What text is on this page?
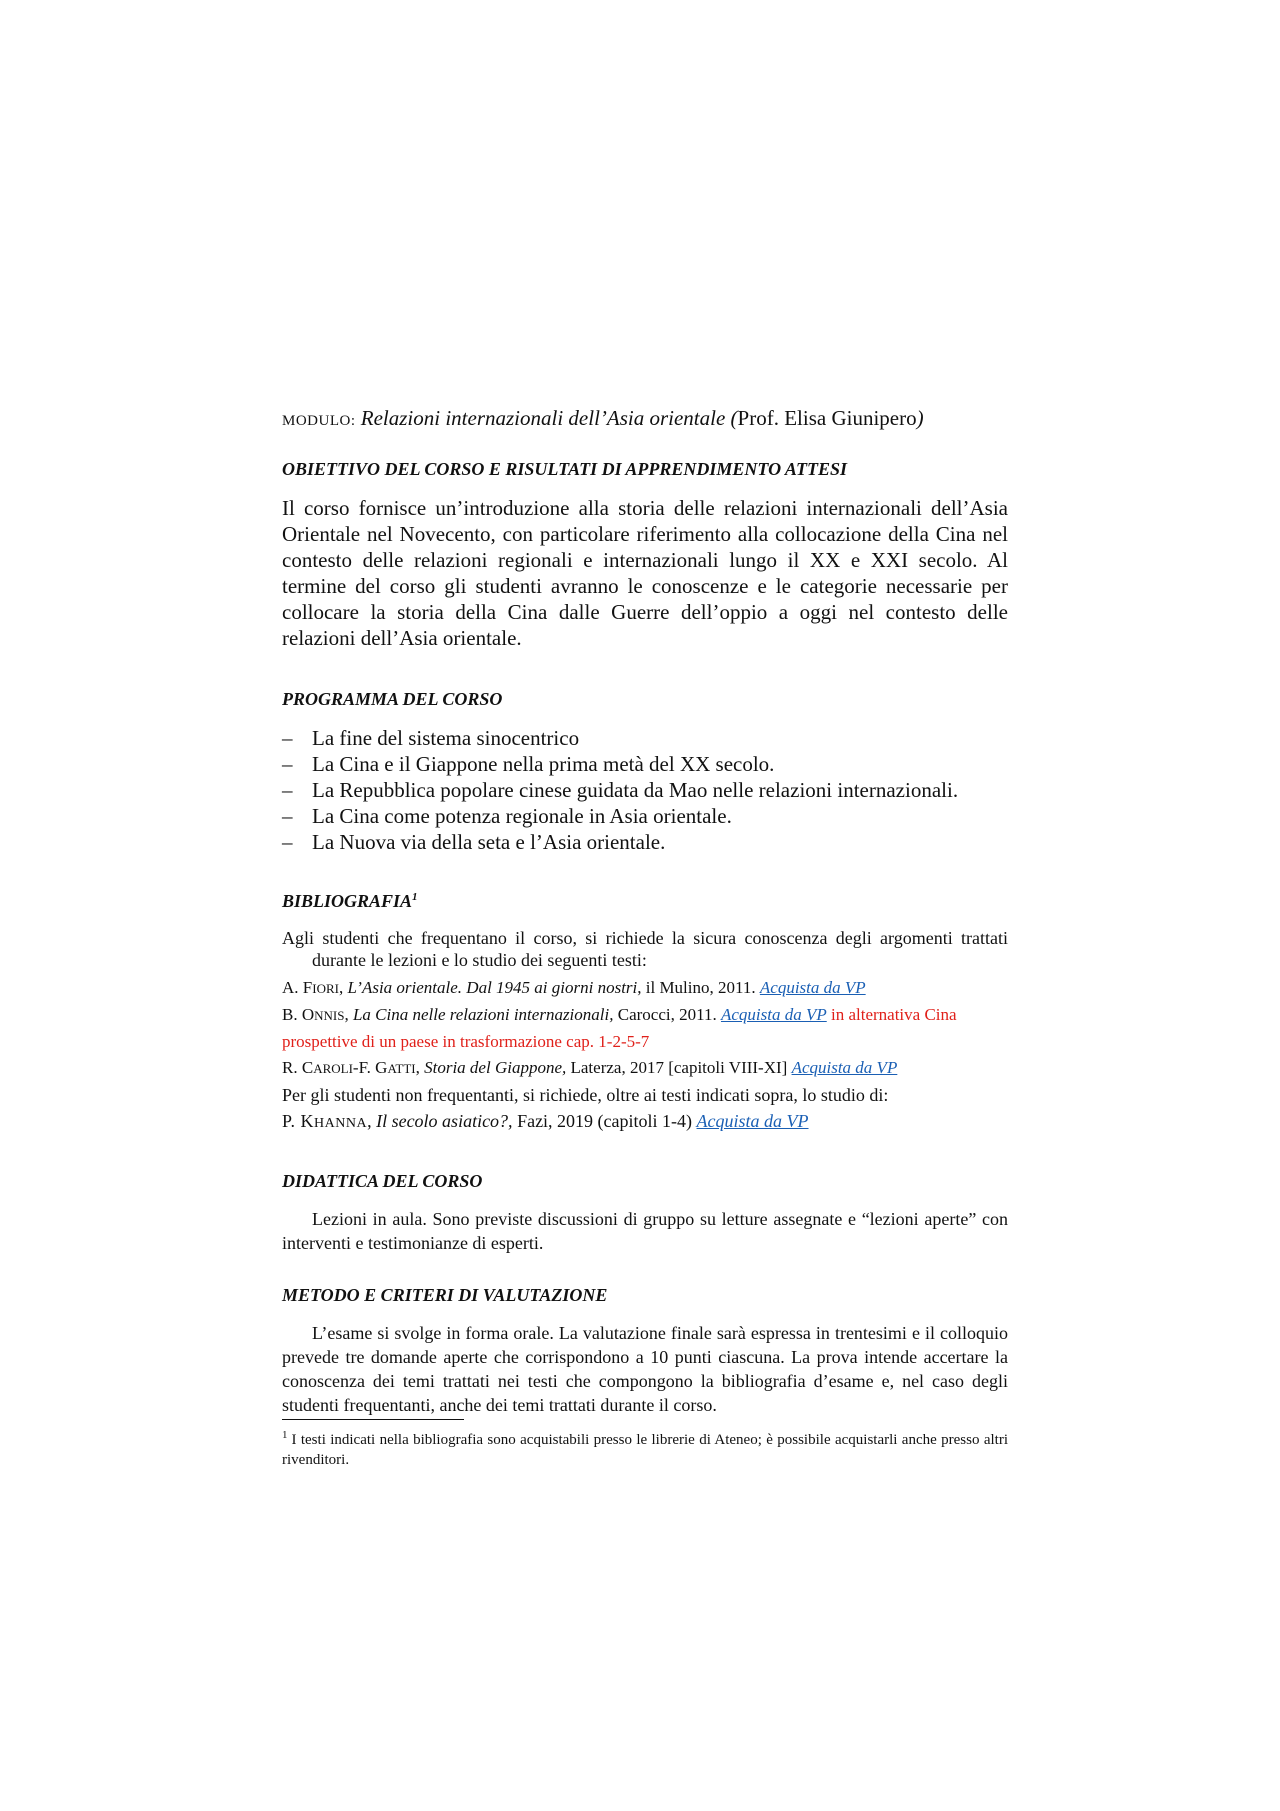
MODULO: Relazioni internazionali dell’Asia orientale (Prof. Elisa Giunipero)

OBIETTIVO DEL CORSO E RISULTATI DI APPRENDIMENTO ATTESI

Il corso fornisce un’introduzione alla storia delle relazioni internazionali dell’Asia Orientale nel Novecento, con particolare riferimento alla collocazione della Cina nel contesto delle relazioni regionali e internazionali lungo il XX e XXI secolo. Al termine del corso gli studenti avranno le conoscenze e le categorie necessarie per collocare la storia della Cina dalle Guerre dell’oppio a oggi nel contesto delle relazioni dell’Asia orientale.

PROGRAMMA DEL CORSO
– La fine del sistema sinocentrico
– La Cina e il Giappone nella prima metà del XX secolo.
– La Repubblica popolare cinese guidata da Mao nelle relazioni internazionali.
– La Cina come potenza regionale in Asia orientale.
– La Nuova via della seta e l’Asia orientale.
BIBLIOGRAFIA$^1$

Agli studenti che frequentano il corso, si richiede la sicura conoscenza degli argomenti trattati durante le lezioni e lo studio dei seguenti testi:

A. FIORI, L’Asia orientale. Dal 1945 ai giorni nostri, il Mulino, 2011. Acquista da VP

B. ONNIS, La Cina nelle relazioni internazionali, Carocci, 2011. Acquista da VP in alternativa Cina prospettive di un paese in trasformazione cap. 1-2-5-7

R. CAROLI-F. GATTI, Storia del Giappone, Laterza, 2017 [capitoli VIII-XI] Acquista da VP

Per gli studenti non frequentanti, si richiede, oltre ai testi indicati sopra, lo studio di:

P. KHANNA, Il secolo asiatico?, Fazi, 2019 (capitoli 1-4) Acquista da VP

DIDATTICA DEL CORSO

Lezioni in aula. Sono previste discussioni di gruppo su letture assegnate e “lezioni aperte” con interventi e testimonianze di esperti.

METODO E CRITERI DI VALUTAZIONE

L’esame si svolge in forma orale. La valutazione finale sarà espressa in trentesimi e il colloquio prevede tre domande aperte che corrispondono a 10 punti ciascuna. La prova intende accertare la conoscenza dei temi trattati nei testi che compongono la bibliografia d’esame e, nel caso degli studenti frequentanti, anche dei temi trattati durante il corso.

$^1$ I testi indicati nella bibliografia sono acquistabili presso le librerie di Ateneo; è possibile acquistarli anche presso altri rivenditori.
